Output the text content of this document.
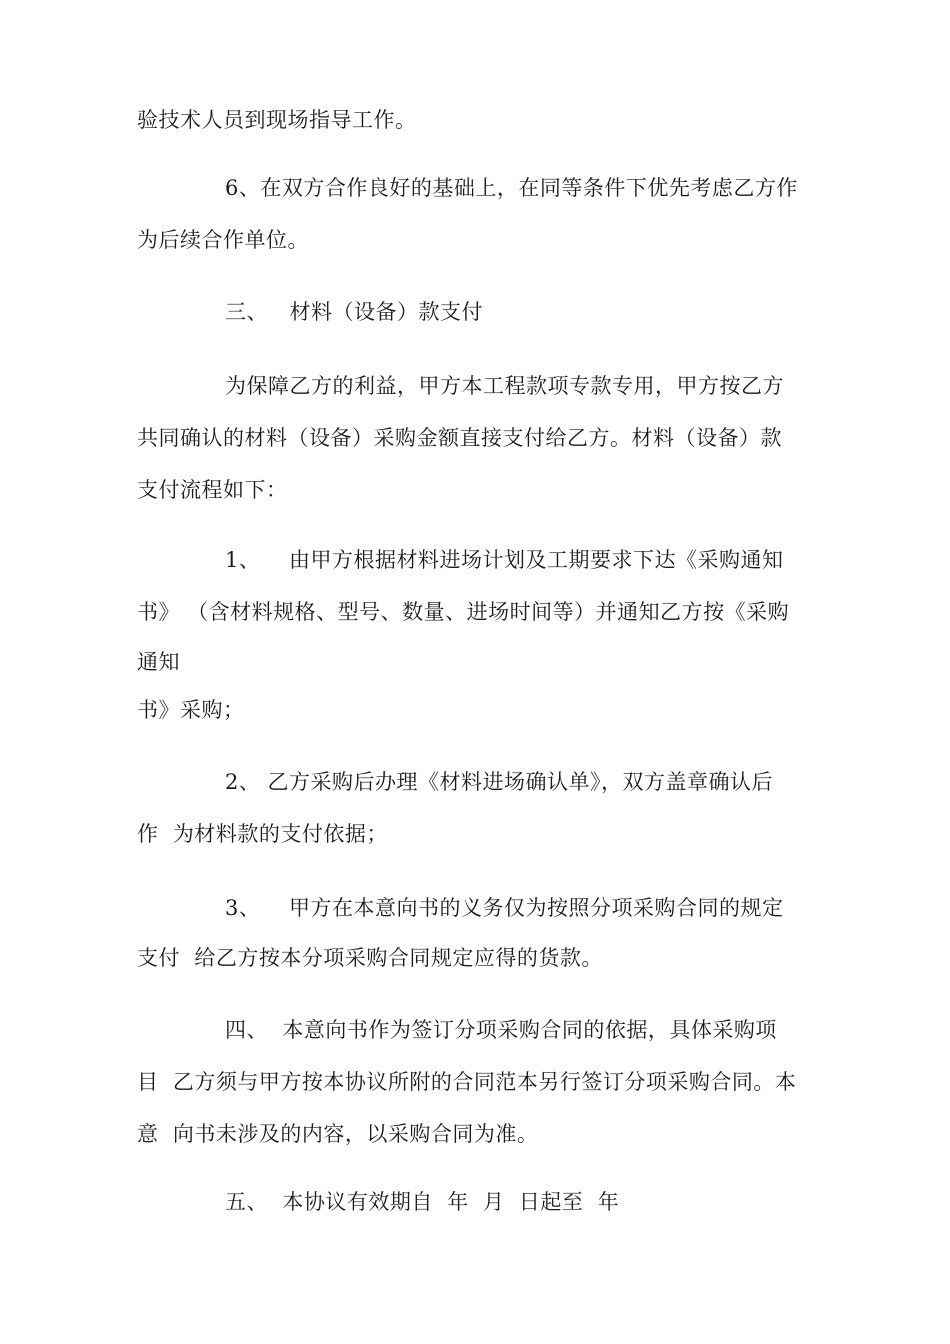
验技术人员到现场指导工作。
6、在双方合作良好的基础上，在同等条件下优先考虑乙方作
为后续合作单位。
三、   材料（设备）款支付
为保障乙方的利益，甲方本工程款项专款专用，甲方按乙方
共同确认的材料（设备）采购金额直接支付给乙方。材料（设备）款
支付流程如下：
1、    由甲方根据材料进场计划及工期要求下达《采购通知
书》 （含材料规格、型号、数量、进场时间等）并通知乙方按《采购
通知
书》采购；
2、 乙方采购后办理《材料进场确认单》，双方盖章确认后
作  为材料款的支付依据；
3、    甲方在本意向书的义务仅为按照分项采购合同的规定
支付  给乙方按本分项采购合同规定应得的货款。
四、  本意向书作为签订分项采购合同的依据，具体采购项
目  乙方须与甲方按本协议所附的合同范本另行签订分项采购合同。本
意  向书未涉及的内容，以采购合同为准。
五、  本协议有效期自  年  月  日起至  年
